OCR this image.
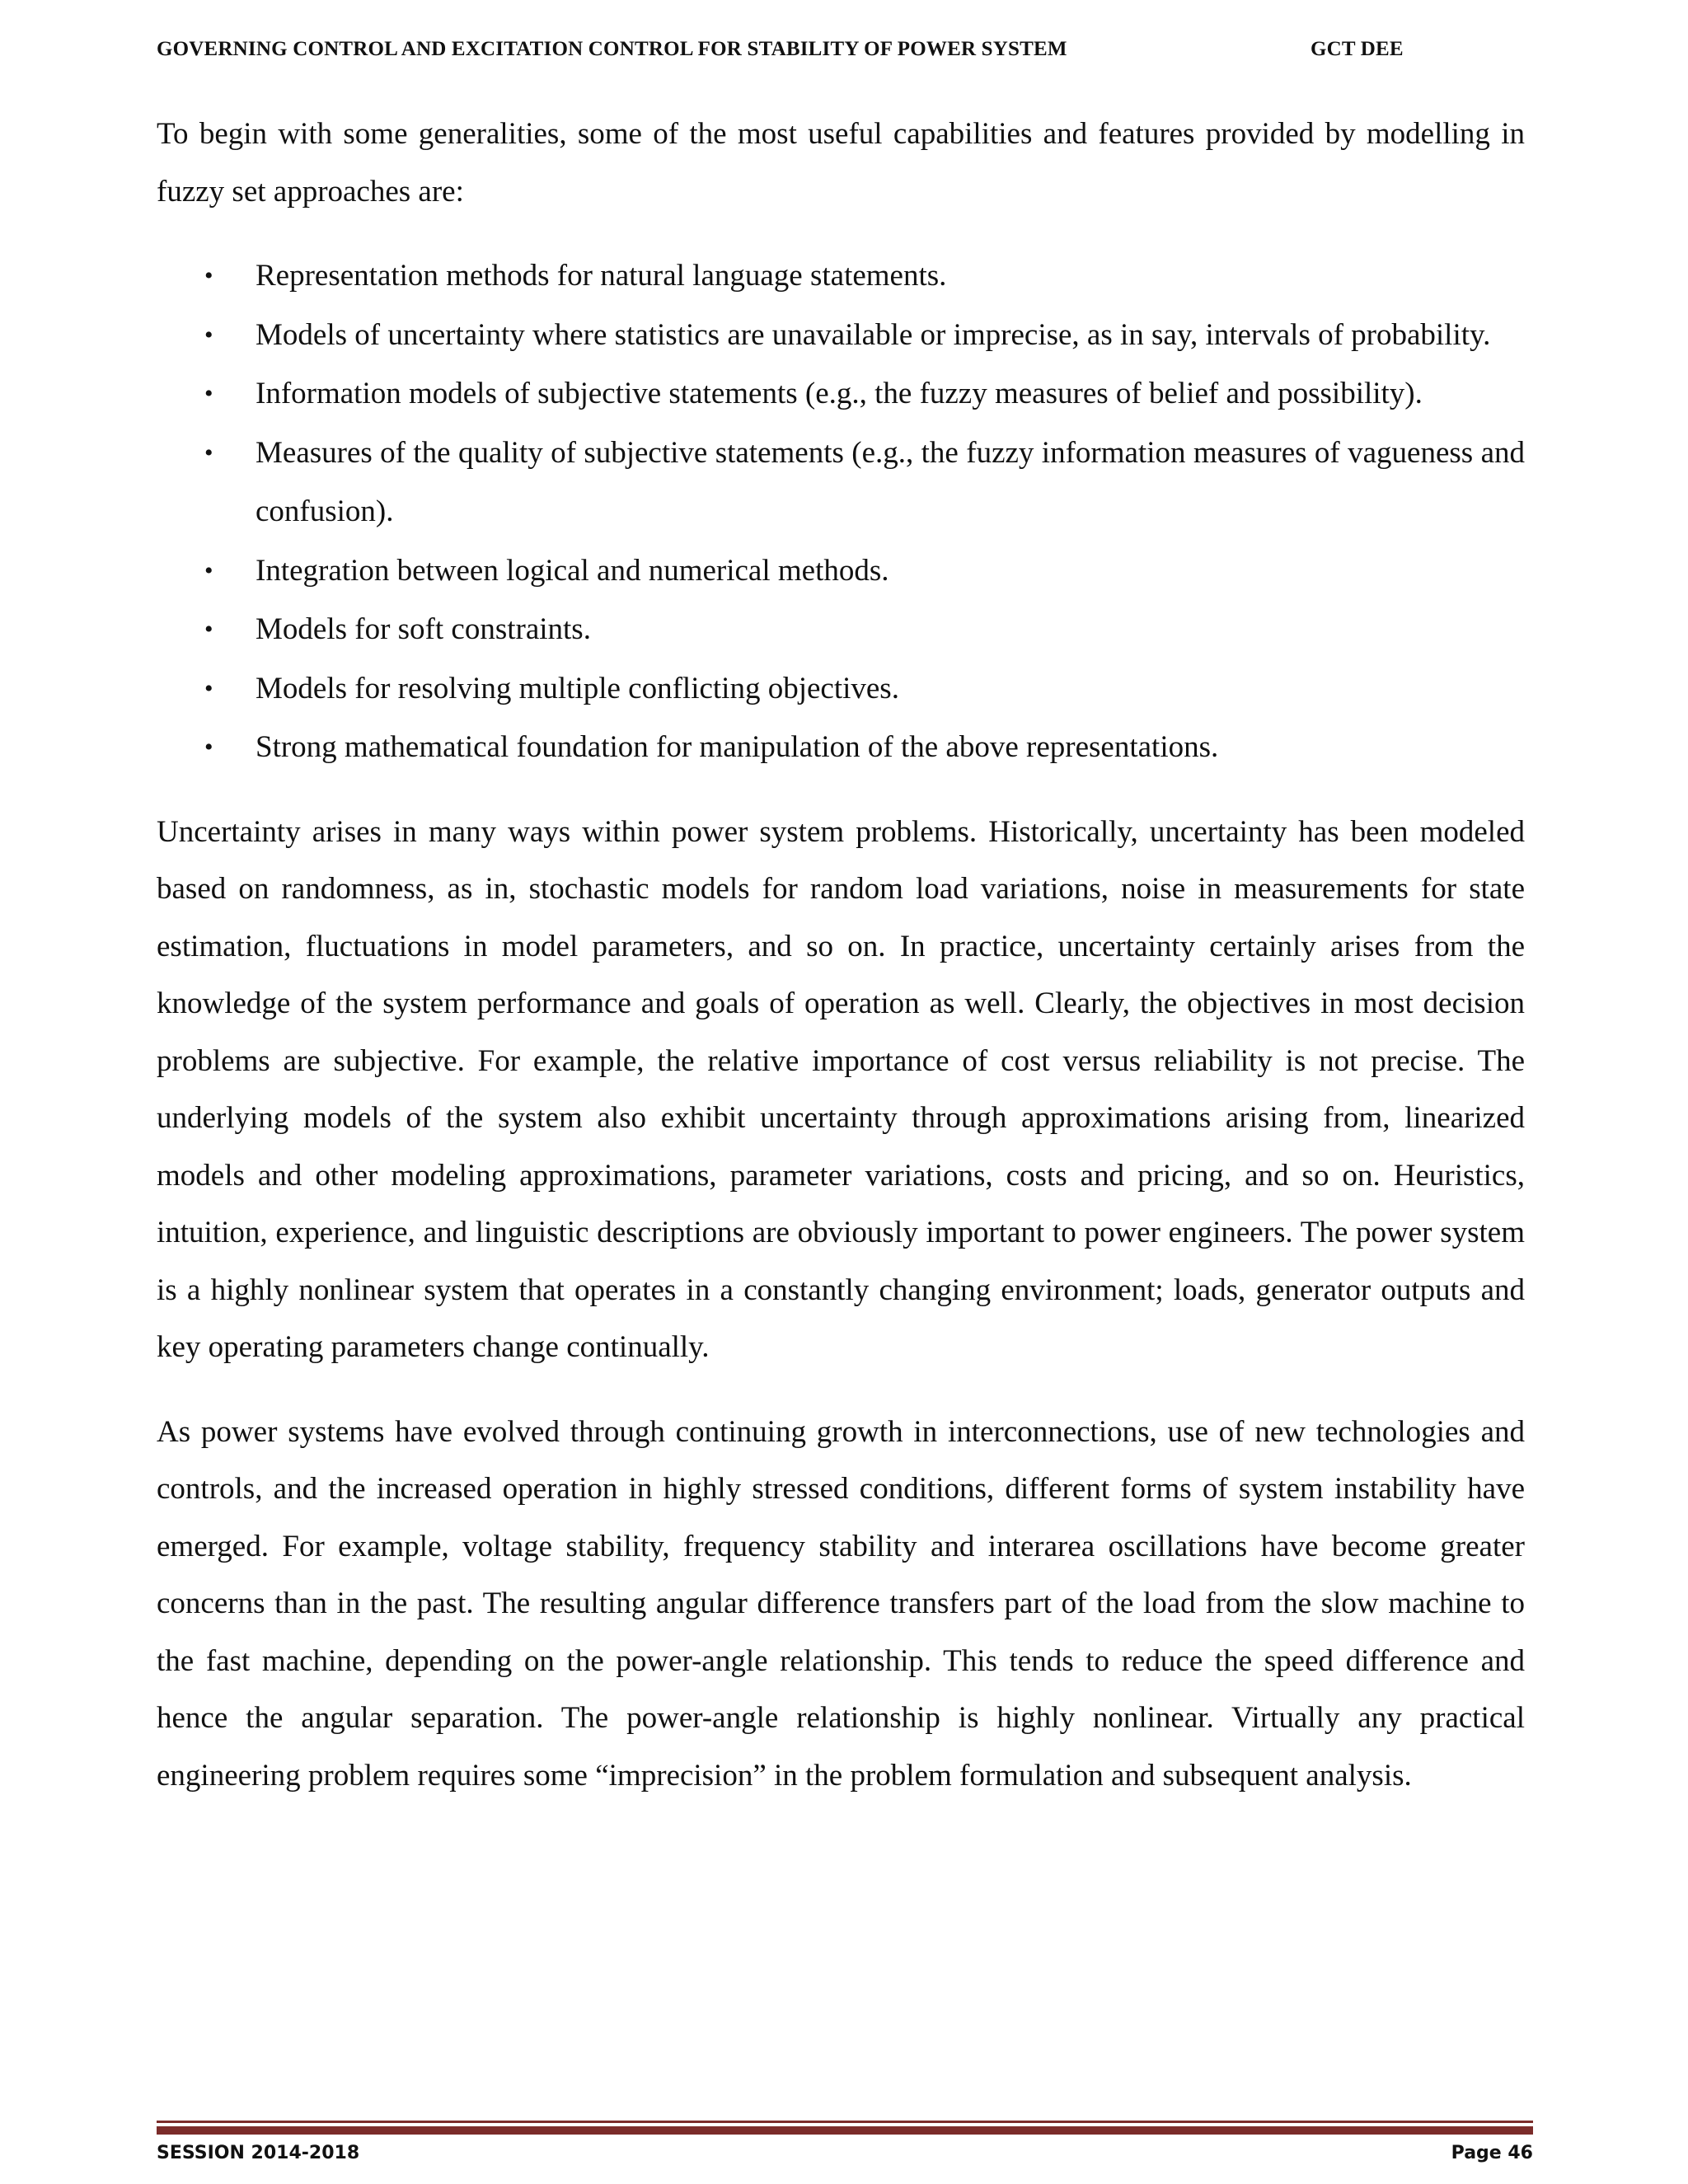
GOVERNING CONTROL AND EXCITATION CONTROL FOR STABILITY OF POWER SYSTEM	GCT DEE

To begin with some generalities, some of the most useful capabilities and features provided by modelling in fuzzy set approaches are:

• Representation methods for natural language statements.
• Models of uncertainty where statistics are unavailable or imprecise, as in say, intervals of probability.
• Information models of subjective statements (e.g., the fuzzy measures of belief and possibility).
• Measures of the quality of subjective statements (e.g., the fuzzy information measures of vagueness and confusion).
• Integration between logical and numerical methods.
• Models for soft constraints.
• Models for resolving multiple conflicting objectives.
• Strong mathematical foundation for manipulation of the above representations.

Uncertainty arises in many ways within power system problems. Historically, uncertainty has been modeled based on randomness, as in, stochastic models for random load variations, noise in measurements for state estimation, fluctuations in model parameters, and so on. In practice, uncertainty certainly arises from the knowledge of the system performance and goals of operation as well. Clearly, the objectives in most decision problems are subjective. For example, the relative importance of cost versus reliability is not precise. The underlying models of the system also exhibit uncertainty through approximations arising from, linearized models and other modeling approximations, parameter variations, costs and pricing, and so on. Heuristics, intuition, experience, and linguistic descriptions are obviously important to power engineers. The power system is a highly nonlinear system that operates in a constantly changing environment; loads, generator outputs and key operating parameters change continually.

As power systems have evolved through continuing growth in interconnections, use of new technologies and controls, and the increased operation in highly stressed conditions, different forms of system instability have emerged. For example, voltage stability, frequency stability and interarea oscillations have become greater concerns than in the past. The resulting angular difference transfers part of the load from the slow machine to the fast machine, depending on the power-angle relationship. This tends to reduce the speed difference and hence the angular separation. The power-angle relationship is highly nonlinear. Virtually any practical engineering problem requires some “imprecision” in the problem formulation and subsequent analysis.

SESSION 2014-2018	Page 46
